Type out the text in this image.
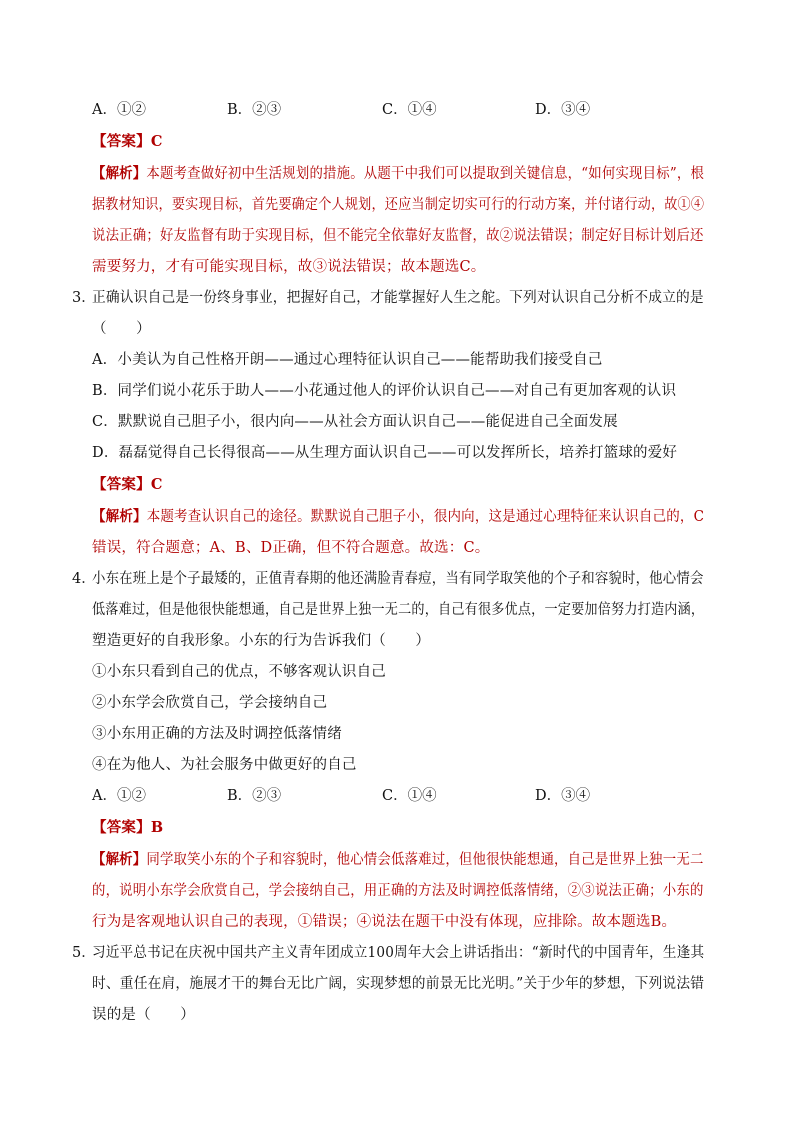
A．①②	B．②③	C．①④	D．③④
【答案】C
【解析】本题考查做好初中生活规划的措施。从题干中我们可以提取到关键信息，“如何实现目标”，根
据教材知识，要实现目标，首先要确定个人规划，还应当制定切实可行的行动方案，并付诸行动，故①④
说法正确；好友监督有助于实现目标，但不能完全依靠好友监督，故②说法错误；制定好目标计划后还
需要努力，才有可能实现目标，故③说法错误；故本题选C。
3．
正确认识自己是一份终身事业，把握好自己，才能掌握好人生之舵。下列对认识自己分析不成立的是
（　　）
A．小美认为自己性格开朗——通过心理特征认识自己——能帮助我们接受自己
B．同学们说小花乐于助人——小花通过他人的评价认识自己——对自己有更加客观的认识
C．默默说自己胆子小，很内向——从社会方面认识自己——能促进自己全面发展
D．磊磊觉得自己长得很高——从生理方面认识自己——可以发挥所长，培养打篮球的爱好
【答案】C
【解析】本题考查认识自己的途径。默默说自己胆子小，很内向，这是通过心理特征来认识自己的，C
错误，符合题意；A、B、D正确，但不符合题意。故选：C。
4．
小东在班上是个子最矮的，正值青春期的他还满脸青春痘，当有同学取笑他的个子和容貌时，他心情会
低落难过，但是他很快能想通，自己是世界上独一无二的，自己有很多优点，一定要加倍努力打造内涵，
塑造更好的自我形象。小东的行为告诉我们（　　）
①小东只看到自己的优点，不够客观认识自己
②小东学会欣赏自己，学会接纳自己
③小东用正确的方法及时调控低落情绪
④在为他人、为社会服务中做更好的自己
A．①②	B．②③	C．①④	D．③④
【答案】B
【解析】同学取笑小东的个子和容貌时，他心情会低落难过，但他很快能想通，自己是世界上独一无二
的，说明小东学会欣赏自己，学会接纳自己，用正确的方法及时调控低落情绪，②③说法正确；小东的
行为是客观地认识自己的表现，①错误；④说法在题干中没有体现，应排除。故本题选B。
5．
习近平总书记在庆祝中国共产主义青年团成立100周年大会上讲话指出：“新时代的中国青年，生逢其
时、重任在肩，施展才干的舞台无比广阔，实现梦想的前景无比光明。”关于少年的梦想，下列说法错
误的是（　　）
